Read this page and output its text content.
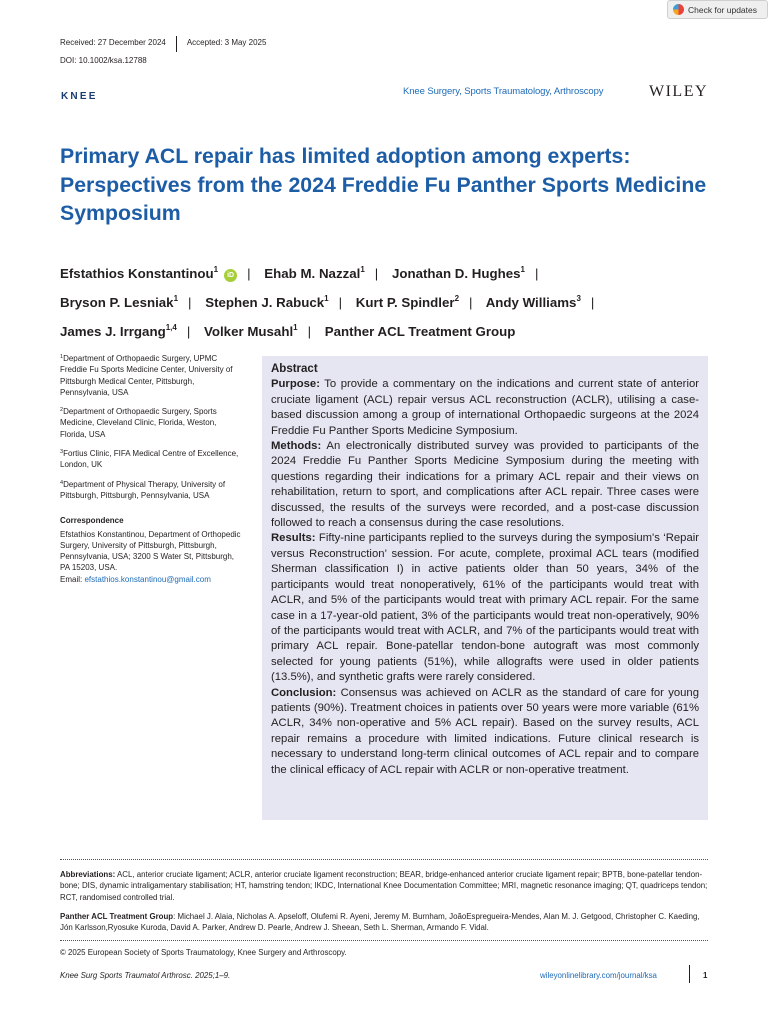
Check for updates
Received: 27 December 2024	Accepted: 3 May 2025
DOI: 10.1002/ksa.12788
KNEE	Knee Surgery, Sports Traumatology, Arthroscopy	WILEY
Primary ACL repair has limited adoption among experts: Perspectives from the 2024 Freddie Fu Panther Sports Medicine Symposium
Efstathios Konstantinou$^1$iD | Ehab M. Nazzal$^1$ | Jonathan D. Hughes$^1$ |
Bryson P. Lesniak$^1$ | Stephen J. Rabuck$^1$ | Kurt P. Spindler$^2$ | Andy Williams$^3$ |
James J. Irrgang$^{1,4}$ | Volker Musahl$^1$ | Panther ACL Treatment Group

$^1$Department of Orthopaedic Surgery, UPMC Freddie Fu Sports Medicine Center, University of Pittsburgh Medical Center, Pittsburgh, Pennsylvania, USA

$^2$Department of Orthopaedic Surgery, Sports Medicine, Cleveland Clinic, Florida, Weston, Florida, USA

$^3$Fortius Clinic, FIFA Medical Centre of Excellence, London, UK

$^4$Department of Physical Therapy, University of Pittsburgh, Pittsburgh, Pennsylvania, USA

Correspondence

Efstathios Konstantinou, Department of Orthopedic Surgery, University of Pittsburgh, Pittsburgh, Pennsylvania, USA; 3200 S Water St, Pittsburgh, PA 15203, USA.
Email: efstathios.konstantinou@gmail.com

Abstract

Purpose: To provide a commentary on the indications and current state of anterior cruciate ligament (ACL) repair versus ACL reconstruction (ACLR), utilising a case-based discussion among a group of international Orthopaedic surgeons at the 2024 Freddie Fu Panther Sports Medicine Symposium.

Methods: An electronically distributed survey was provided to participants of the 2024 Freddie Fu Panther Sports Medicine Symposium during the meeting with questions regarding their indications for a primary ACL repair and their views on rehabilitation, return to sport, and complications after ACL repair. Three cases were discussed, the results of the surveys were recorded, and a post-case discussion followed to reach a consensus during the case resolutions.

Results: Fifty-nine participants replied to the surveys during the symposium's ‘Repair versus Reconstruction’ session. For acute, complete, proximal ACL tears (modified Sherman classification I) in active patients older than 50 years, 34% of the participants would treat nonoperatively, 61% of the participants would treat with ACLR, and 5% of the participants would treat with primary ACL repair. For the same case in a 17-year-old patient, 3% of the participants would treat non-operatively, 90% of the participants would treat with ACLR, and 7% of the participants would treat with primary ACL repair. Bone-patellar tendon-bone autograft was most commonly selected for young patients (51%), while allografts were used in older patients (13.5%), and synthetic grafts were rarely considered.

Conclusion: Consensus was achieved on ACLR as the standard of care for young patients (90%). Treatment choices in patients over 50 years were more variable (61% ACLR, 34% non-operative and 5% ACL repair). Based on the survey results, ACL repair remains a procedure with limited indications. Future clinical research is necessary to understand long-term clinical outcomes of ACL repair and to compare the clinical efficacy of ACL repair with ACLR or non-operative treatment.

Abbreviations: ACL, anterior cruciate ligament; ACLR, anterior cruciate ligament reconstruction; BEAR, bridge-enhanced anterior cruciate ligament repair; BPTB, bone-patellar tendon-bone; DIS, dynamic intraligamentary stabilisation; HT, hamstring tendon; IKDC, International Knee Documentation Committee; MRI, magnetic resonance imaging; QT, quadriceps tendon; RCT, randomised controlled trial.
Panther ACL Treatment Group: Michael J. Alaia, Nicholas A. Apseloff, Olufemi R. Ayeni, Jeremy M. Burnham, JoãoEspregueira-Mendes, Alan M. J. Getgood, Christopher C. Kaeding, Jón Karlsson,Ryosuke Kuroda, David A. Parker, Andrew D. Pearle, Andrew J. Sheean, Seth L. Sherman, Armando F. Vidal.
© 2025 European Society of Sports Traumatology, Knee Surgery and Arthroscopy.
Knee Surg Sports Traumatol Arthrosc. 2025;1–9.	wileyonlinelibrary.com/journal/ksa	1
